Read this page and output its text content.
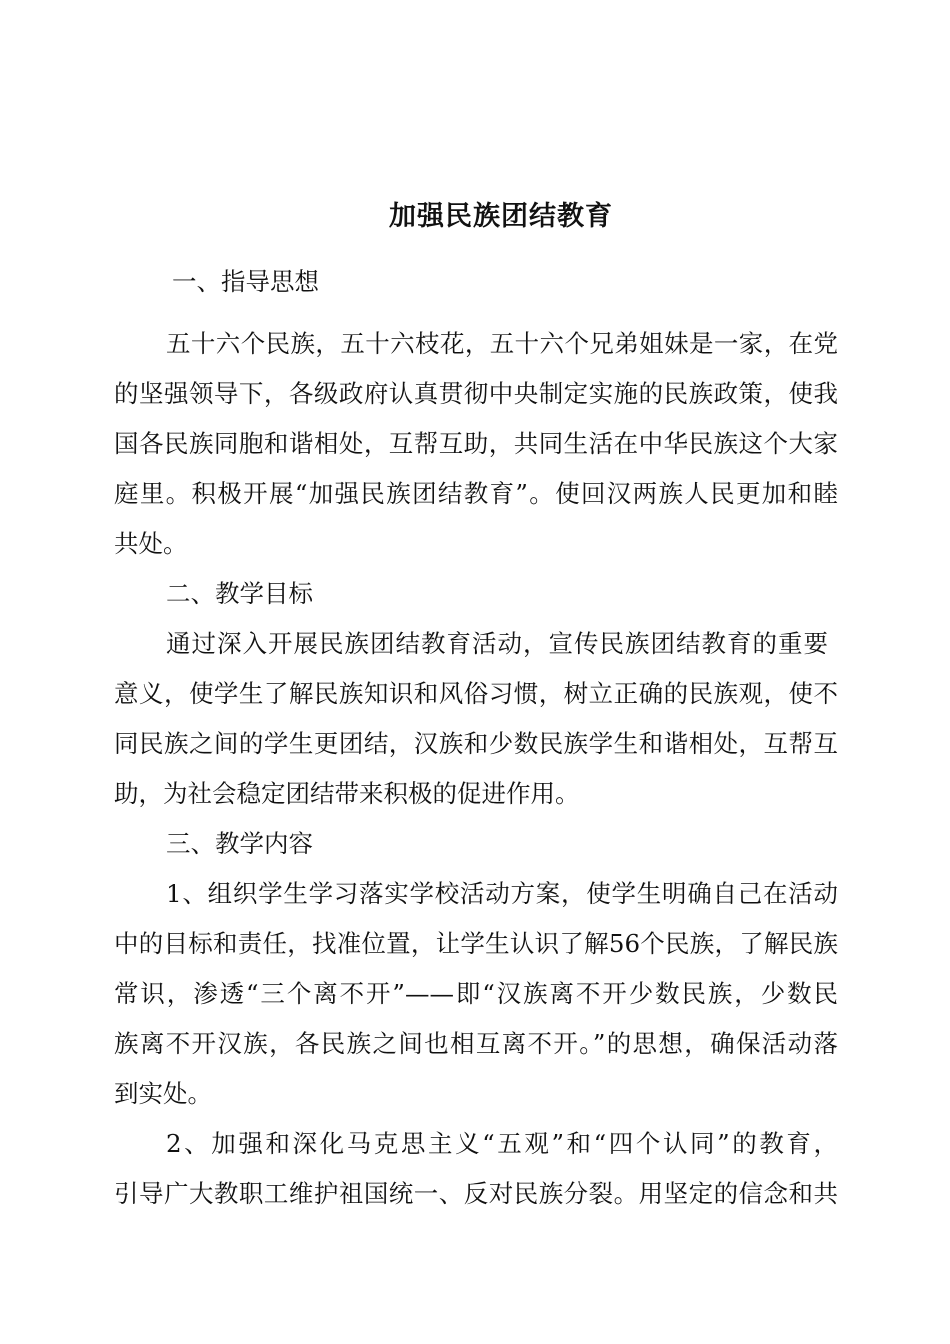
加强民族团结教育
一、指导思想
五十六个民族，五十六枝花，五十六个兄弟姐妹是一家，在党
的坚强领导下，各级政府认真贯彻中央制定实施的民族政策，使我
国各民族同胞和谐相处，互帮互助，共同生活在中华民族这个大家
庭里。积极开展“加强民族团结教育”。使回汉两族人民更加和睦
共处。
二、教学目标
通过深入开展民族团结教育活动，宣传民族团结教育的重要
意义，使学生了解民族知识和风俗习惯，树立正确的民族观，使不
同民族之间的学生更团结，汉族和少数民族学生和谐相处，互帮互
助，为社会稳定团结带来积极的促进作用。
三、教学内容
1、组织学生学习落实学校活动方案，使学生明确自己在活动
中的目标和责任，找准位置，让学生认识了解56个民族，了解民族
常识，渗透“三个离不开”——即“汉族离不开少数民族，少数民
族离不开汉族，各民族之间也相互离不开。”的思想，确保活动落
到实处。
2、加强和深化马克思主义“五观”和“四个认同”的教育，
引导广大教职工维护祖国统一、反对民族分裂。用坚定的信念和共
